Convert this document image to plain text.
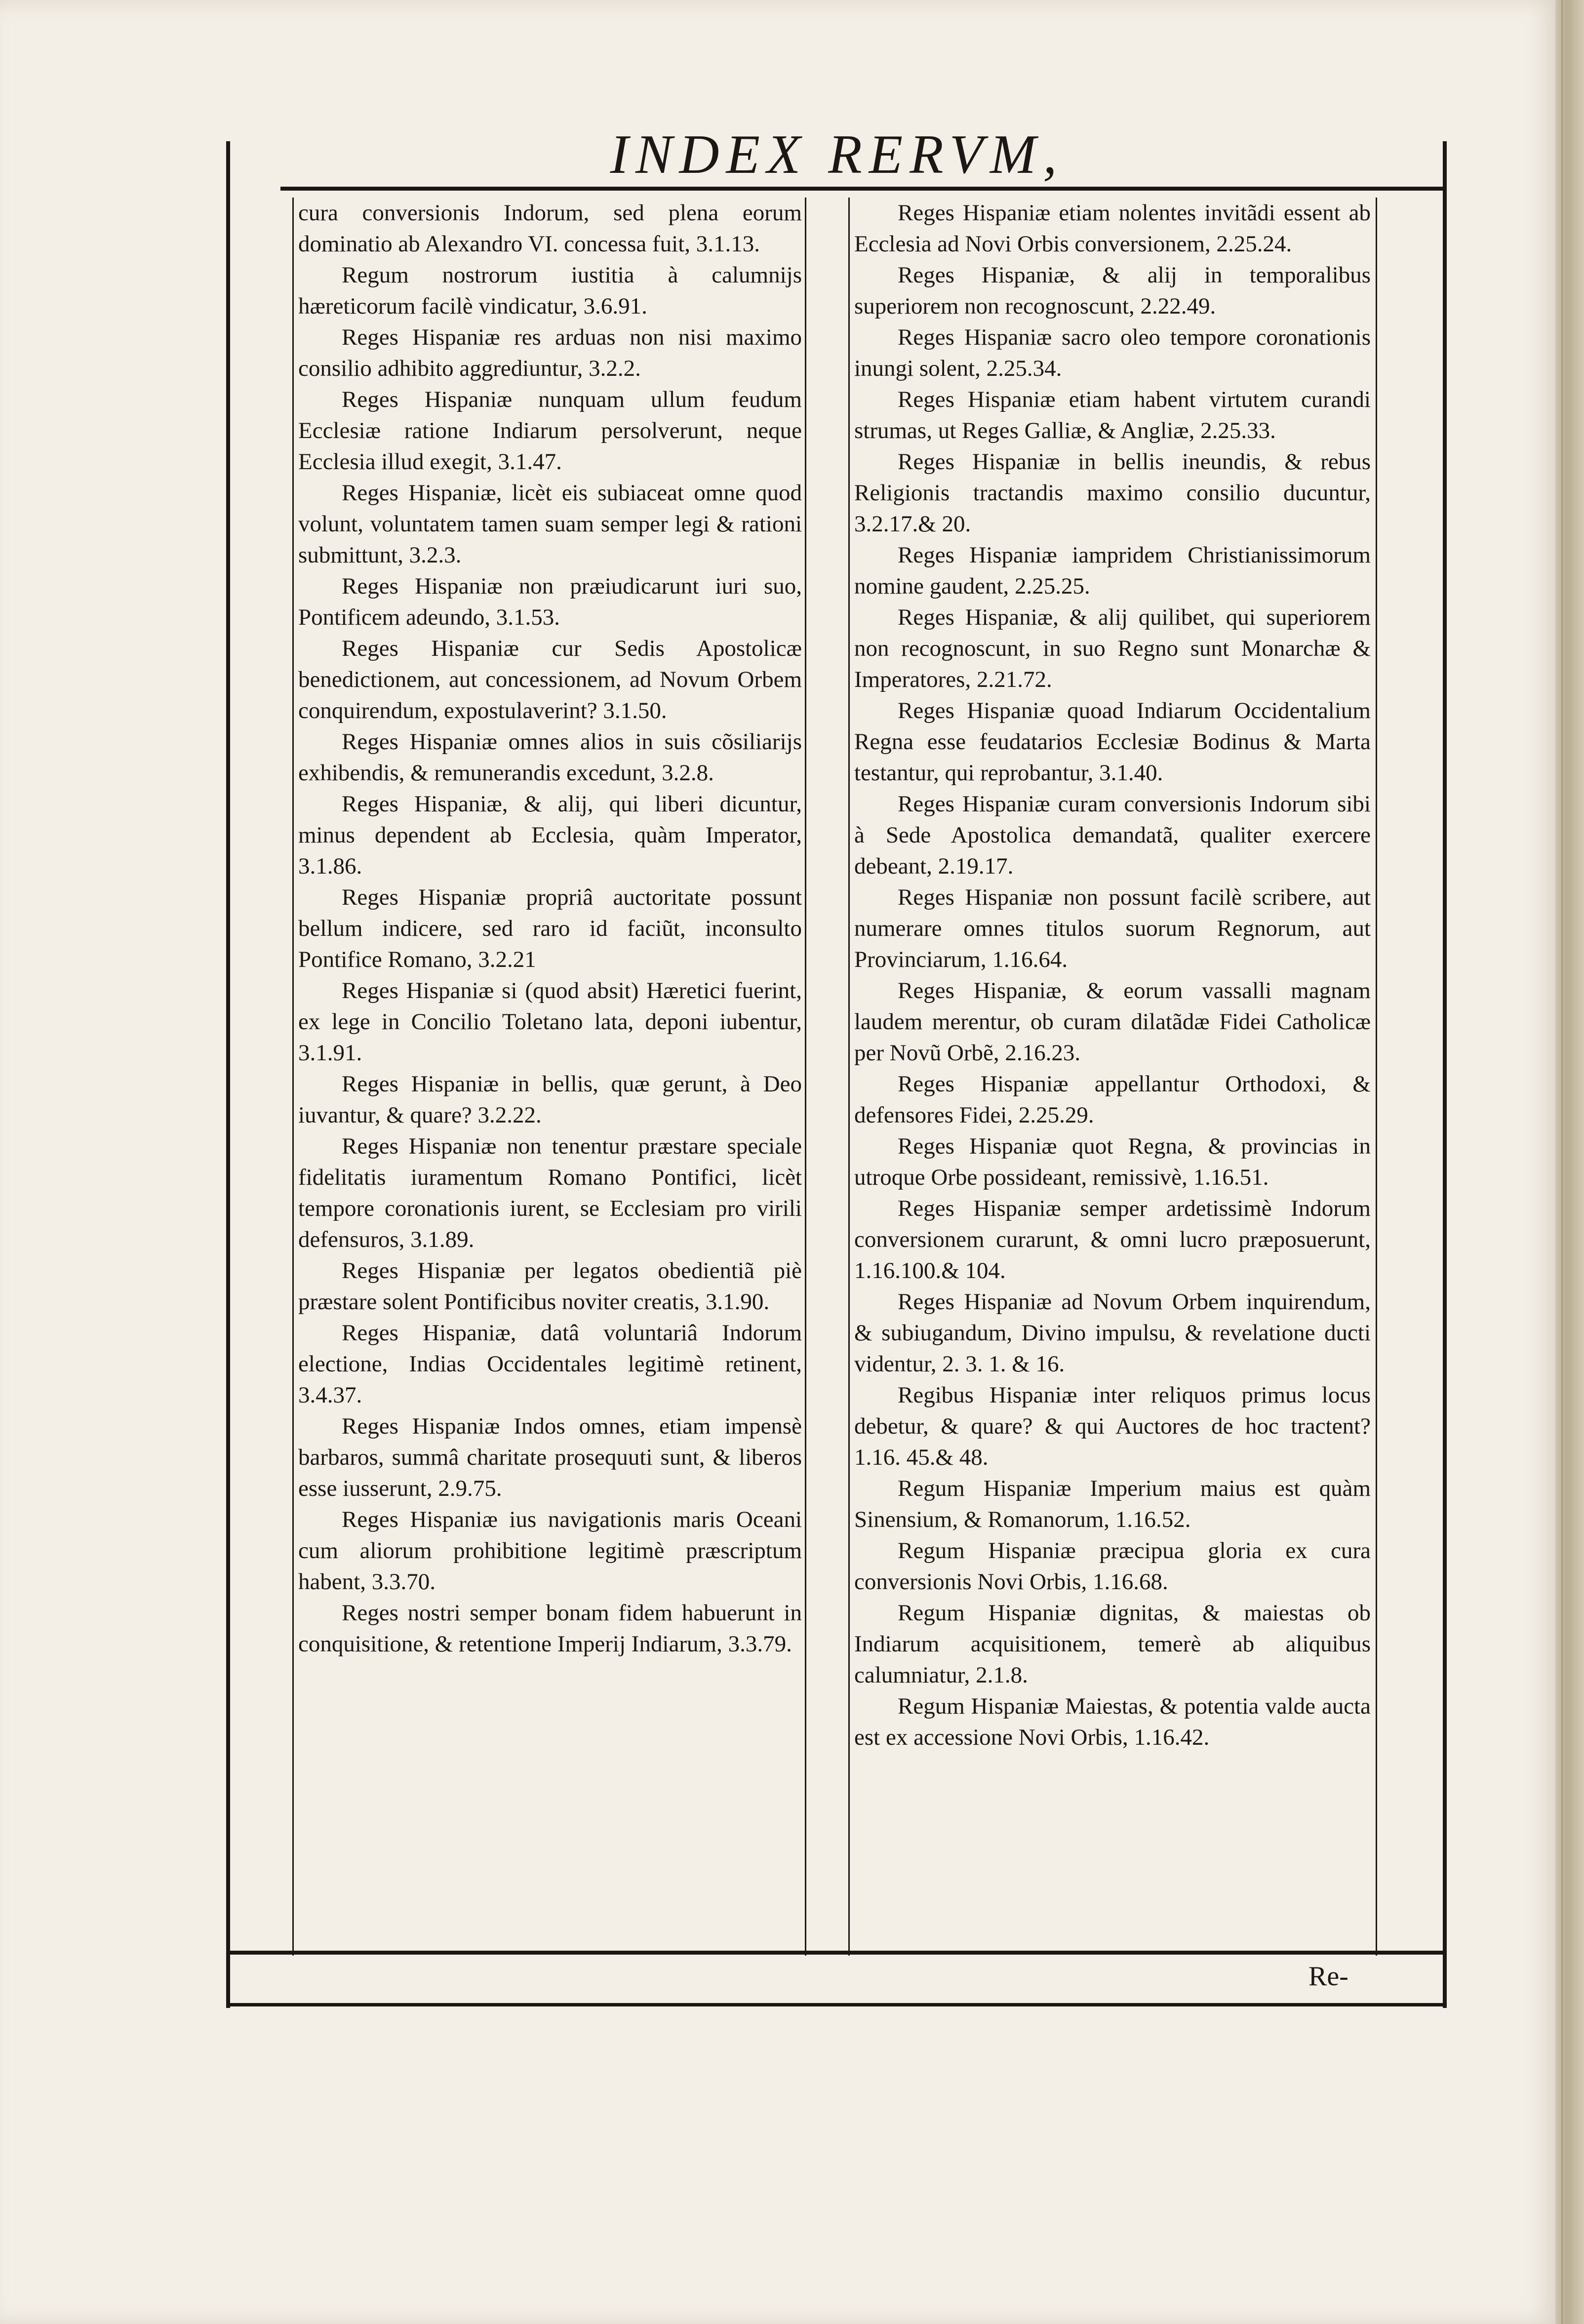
INDEX RERVM,

cura conversionis Indorum, sed plena eorum dominatio ab Alexandro VI. concessa fuit, 3.1.13.

Regum nostrorum iustitia à calumnijs hæreticorum facilè vindicatur, 3.6.91.

Reges Hispaniæ res arduas non nisi maximo consilio adhibito aggrediuntur, 3.2.2.

Reges Hispaniæ nunquam ullum feudum Ecclesiæ ratione Indiarum persolverunt, neque Ecclesia illud exegit, 3.1.47.

Reges Hispaniæ, licèt eis subiaceat omne quod volunt, voluntatem tamen suam semper legi & rationi submittunt, 3.2.3.

Reges Hispaniæ non præiudicarunt iuri suo, Pontificem adeundo, 3.1.53.

Reges Hispaniæ cur Sedis Apostolicæ benedictionem, aut concessionem, ad Novum Orbem conquirendum, expostulaverint? 3.1.50.

Reges Hispaniæ omnes alios in suis cõsiliarijs exhibendis, & remunerandis excedunt, 3.2.8.

Reges Hispaniæ, & alij, qui liberi dicuntur, minus dependent ab Ecclesia, quàm Imperator, 3.1.86.

Reges Hispaniæ propriâ auctoritate possunt bellum indicere, sed raro id faciũt, inconsulto Pontifice Romano, 3.2.21

Reges Hispaniæ si (quod absit) Hæretici fuerint, ex lege in Concilio Toletano lata, deponi iubentur, 3.1.91.

Reges Hispaniæ in bellis, quæ gerunt, à Deo iuvantur, & quare? 3.2.22.

Reges Hispaniæ non tenentur præstare speciale fidelitatis iuramentum Romano Pontifici, licèt tempore coronationis iurent, se Ecclesiam pro virili defensuros, 3.1.89.

Reges Hispaniæ per legatos obedientiã piè præstare solent Pontificibus noviter creatis, 3.1.90.

Reges Hispaniæ, datâ voluntariâ Indorum electione, Indias Occidentales legitimè retinent, 3.4.37.

Reges Hispaniæ Indos omnes, etiam impensè barbaros, summâ charitate prosequuti sunt, & liberos esse iusserunt, 2.9.75.

Reges Hispaniæ ius navigationis maris Oceani cum aliorum prohibitione legitimè præscriptum habent, 3.3.70.

Reges nostri semper bonam fidem habuerunt in conquisitione, & retentione Imperij Indiarum, 3.3.79.

Reges Hispaniæ etiam nolentes invitãdi essent ab Ecclesia ad Novi Orbis conversionem, 2.25.24.

Reges Hispaniæ, & alij in temporalibus superiorem non recognoscunt, 2.22.49.

Reges Hispaniæ sacro oleo tempore coronationis inungi solent, 2.25.34.

Reges Hispaniæ etiam habent virtutem curandi strumas, ut Reges Galliæ, & Angliæ, 2.25.33.

Reges Hispaniæ in bellis ineundis, & rebus Religionis tractandis maximo consilio ducuntur, 3.2.17.& 20.

Reges Hispaniæ iampridem Christianissimorum nomine gaudent, 2.25.25.

Reges Hispaniæ, & alij quilibet, qui superiorem non recognoscunt, in suo Regno sunt Monarchæ & Imperatores, 2.21.72.

Reges Hispaniæ quoad Indiarum Occidentalium Regna esse feudatarios Ecclesiæ Bodinus & Marta testantur, qui reprobantur, 3.1.40.

Reges Hispaniæ curam conversionis Indorum sibi à Sede Apostolica demandatã, qualiter exercere debeant, 2.19.17.

Reges Hispaniæ non possunt facilè scribere, aut numerare omnes titulos suorum Regnorum, aut Provinciarum, 1.16.64.

Reges Hispaniæ, & eorum vassalli magnam laudem merentur, ob curam dilatãdæ Fidei Catholicæ per Novũ Orbẽ, 2.16.23.

Reges Hispaniæ appellantur Orthodoxi, & defensores Fidei, 2.25.29.

Reges Hispaniæ quot Regna, & provincias in utroque Orbe possideant, remissivè, 1.16.51.

Reges Hispaniæ semper ardetissimè Indorum conversionem curarunt, & omni lucro præposuerunt, 1.16.100.& 104.

Reges Hispaniæ ad Novum Orbem inquirendum, & subiugandum, Divino impulsu, & revelatione ducti videntur, 2. 3. 1. & 16.

Regibus Hispaniæ inter reliquos primus locus debetur, & quare? & qui Auctores de hoc tractent? 1.16. 45.& 48.

Regum Hispaniæ Imperium maius est quàm Sinensium, & Romanorum, 1.16.52.

Regum Hispaniæ præcipua gloria ex cura conversionis Novi Orbis, 1.16.68.

Regum Hispaniæ dignitas, & maiestas ob Indiarum acquisitionem, temerè ab aliquibus calumniatur, 2.1.8.

Regum Hispaniæ Maiestas, & potentia valde aucta est ex accessione Novi Orbis, 1.16.42.

Re-
